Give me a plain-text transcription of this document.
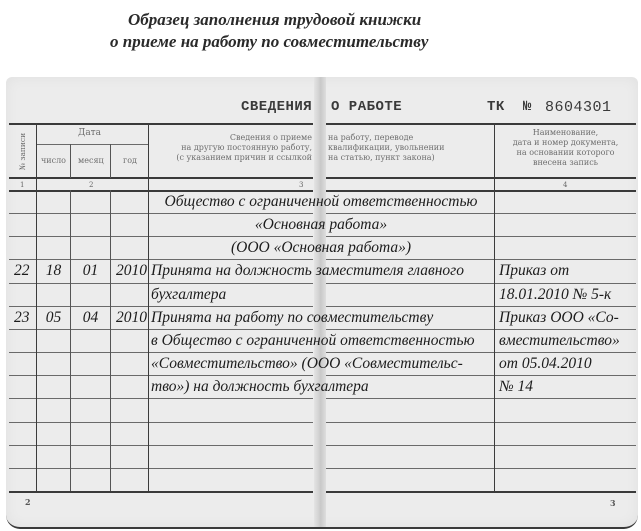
Образец заполнения трудовой книжки
о приеме на работу по совместительству
СВЕДЕНИЯ О РАБОТЕ	ТК № 8604301
№ записи	Дата
число месяц год
Сведения о приеме
на другую постоянную работу,
(с указанием причин и ссылкой
на работу, переводе
квалификации, увольнении
на статью, пункт закона)
Наименование,
дата и номер документа,
на основании которого
внесена запись
1	2	3	4
Общество с ограниченной ответственностью
«Основная работа»
(ООО «Основная работа»)
22	18	01	2010 Принята на должность заместителя главного	Приказ от
бухгалтера	18.01.2010 № 5-к
23	05	04	2010 Принята на работу по совместительству	Приказ ООО «Со-
в Общество с ограниченной ответственностью	вместительство»
«Совместительство» (ООО «Совместительс-	от 05.04.2010
тво») на должность бухгалтера	№ 14
2	3
